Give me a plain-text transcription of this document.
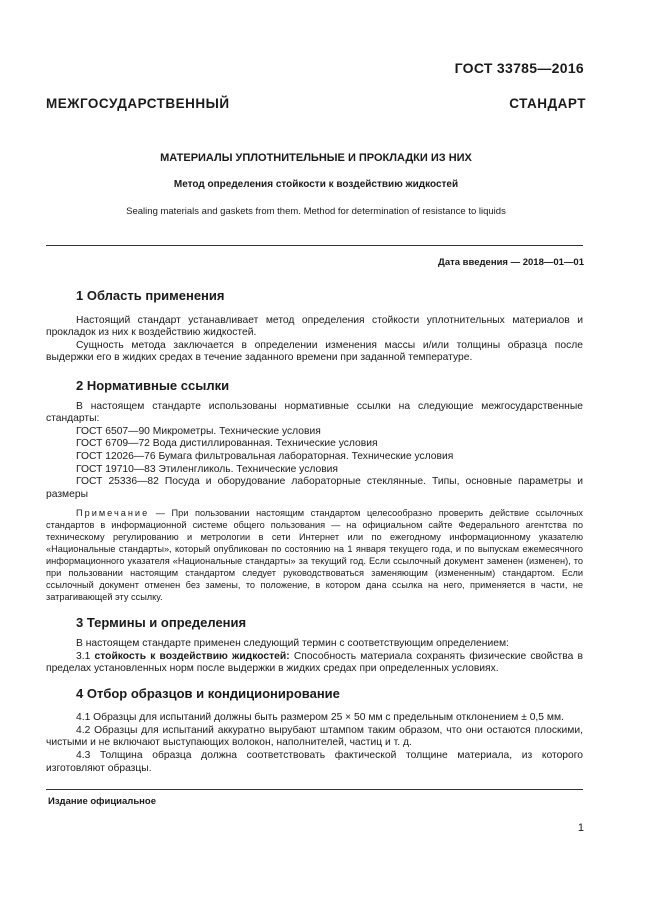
ГОСТ 33785—2016
МЕЖГОСУДАРСТВЕННЫЙ СТАНДАРТ
МАТЕРИАЛЫ УПЛОТНИТЕЛЬНЫЕ И ПРОКЛАДКИ ИЗ НИХ
Метод определения стойкости к воздействию жидкостей
Sealing materials and gaskets from them. Method for determination of resistance to liquids
Дата введения — 2018—01—01
1 Область применения

Настоящий стандарт устанавливает метод определения стойкости уплотнительных материалов и прокладок из них к воздействию жидкостей.

Сущность метода заключается в определении изменения массы и/или толщины образца после выдержки его в жидких средах в течение заданного времени при заданной температуре.

2 Нормативные ссылки

В настоящем стандарте использованы нормативные ссылки на следующие межгосударственные стандарты:

ГОСТ 6507—90 Микрометры. Технические условия

ГОСТ 6709—72 Вода дистиллированная. Технические условия

ГОСТ 12026—76 Бумага фильтровальная лабораторная. Технические условия

ГОСТ 19710—83 Этиленгликоль. Технические условия

ГОСТ 25336—82 Посуда и оборудование лабораторные стеклянные. Типы, основные параметры и размеры

Примечание — При пользовании настоящим стандартом целесообразно проверить действие ссылочных стандартов в информационной системе общего пользования — на официальном сайте Федерального агентства по техническому регулированию и метрологии в сети Интернет или по ежегодному информационному указателю «Национальные стандарты», который опубликован по состоянию на 1 января текущего года, и по выпускам ежемесячного информационного указателя «Национальные стандарты» за текущий год. Если ссылочный документ заменен (изменен), то при пользовании настоящим стандартом следует руководствоваться заменяющим (измененным) стандартом. Если ссылочный документ отменен без замены, то положение, в котором дана ссылка на него, применяется в части, не затрагивающей эту ссылку.
3 Термины и определения

В настоящем стандарте применен следующий термин с соответствующим определением:

3.1 стойкость к воздействию жидкостей: Способность материала сохранять физические свойства в пределах установленных норм после выдержки в жидких средах при определенных условиях.

4 Отбор образцов и кондиционирование

4.1 Образцы для испытаний должны быть размером 25 × 50 мм с предельным отклонением ± 0,5 мм.

4.2 Образцы для испытаний аккуратно вырубают штампом таким образом, что они остаются плоскими, чистыми и не включают выступающих волокон, наполнителей, частиц и т. д.

4.3 Толщина образца должна соответствовать фактической толщине материала, из которого изготовляют образцы.

Издание официальное
1
